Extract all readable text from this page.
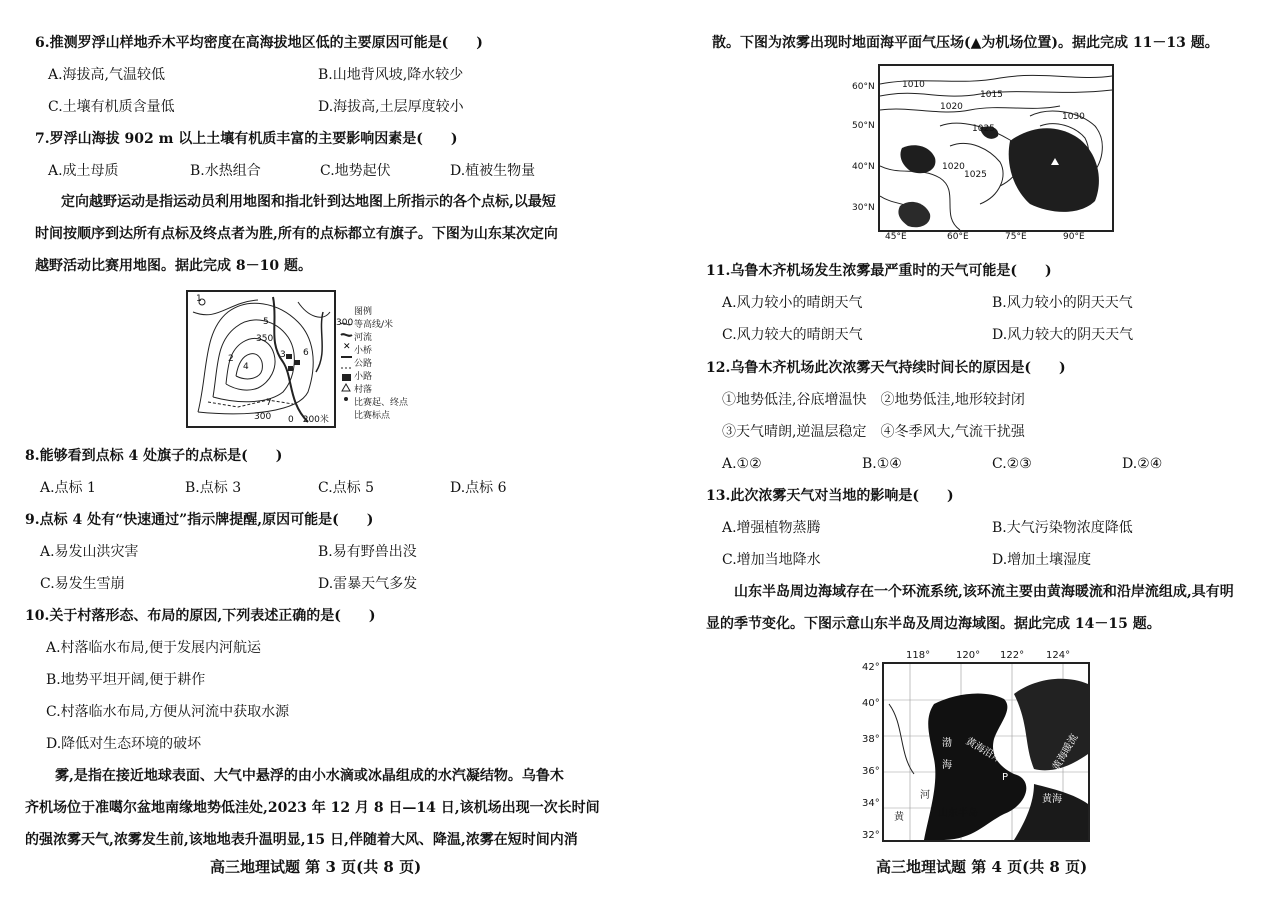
6.推测罗浮山样地乔木平均密度在高海拔地区低的主要原因可能是(　　)
A.海拔高,气温较低	B.山地背风坡,降水较少
C.土壤有机质含量低	D.海拔高,土层厚度较小
7.罗浮山海拔 902 m 以上土壤有机质丰富的主要影响因素是(　　)
A.成土母质	B.水热组合	C.地势起伏	D.植被生物量
定向越野运动是指运动员利用地图和指北针到达地图上所指示的各个点标,以最短
时间按顺序到达所有点标及终点者为胜,所有的点标都立有旗子。下图为山东某次定向
越野活动比赛用地图。据此完成 8－10 题。
1
2	3
4
5
6
7
350
300 0　200米
300
图例
等高线/米
河流
小桥
公路
小路
村落
比赛起、终点
比赛标点
✕
8.能够看到点标 4 处旗子的点标是(　　)
A.点标 1	B.点标 3	C.点标 5	D.点标 6
9.点标 4 处有“快速通过”指示牌提醒,原因可能是(　　)
A.易发山洪灾害	B.易有野兽出没
C.易发生雪崩	D.雷暴天气多发
10.关于村落形态、布局的原因,下列表述正确的是(　　)
A.村落临水布局,便于发展内河航运
B.地势平坦开阔,便于耕作
C.村落临水布局,方便从河流中获取水源
D.降低对生态环境的破坏
雾,是指在接近地球表面、大气中悬浮的由小水滴或冰晶组成的水汽凝结物。乌鲁木
齐机场位于准噶尔盆地南缘地势低洼处,2023 年 12 月 8 日—14 日,该机场出现一次长时间
的强浓雾天气,浓雾发生前,该地地表升温明显,15 日,伴随着大风、降温,浓雾在短时间内消
高三地理试题 第 3 页(共 8 页)
散。下图为浓雾出现时地面海平面气压场(▲为机场位置)。据此完成 11－13 题。
1010
1015
1020
1025
1030
1020
1025
60°N
50°N
40°N
30°N
45°E	60°E	75°E	90°E
11.乌鲁木齐机场发生浓雾最严重时的天气可能是(　　)
A.风力较小的晴朗天气	B.风力较小的阴天天气
C.风力较大的晴朗天气	D.风力较大的阴天天气
12.乌鲁木齐机场此次浓雾天气持续时间长的原因是(　　)
①地势低洼,谷底增温快　②地势低洼,地形较封闭
③天气晴朗,逆温层稳定　④冬季风大,气流干扰强
A.①②	B.①④	C.②③	D.②④
13.此次浓雾天气对当地的影响是(　　)
A.增强植物蒸腾	B.大气污染物浓度降低
C.增加当地降水	D.增加土壤湿度
山东半岛周边海域存在一个环流系统,该环流主要由黄海暖流和沿岸流组成,具有明
显的季节变化。下图示意山东半岛及周边海域图。据此完成 14－15 题。
渤
海 黄海沿岸流	黄海暖流
黄海
P
河
黄	山东半岛
118°	120° 122° 124°
42°
40°
38°
36°
34°
32°
高三地理试题 第 4 页(共 8 页)
